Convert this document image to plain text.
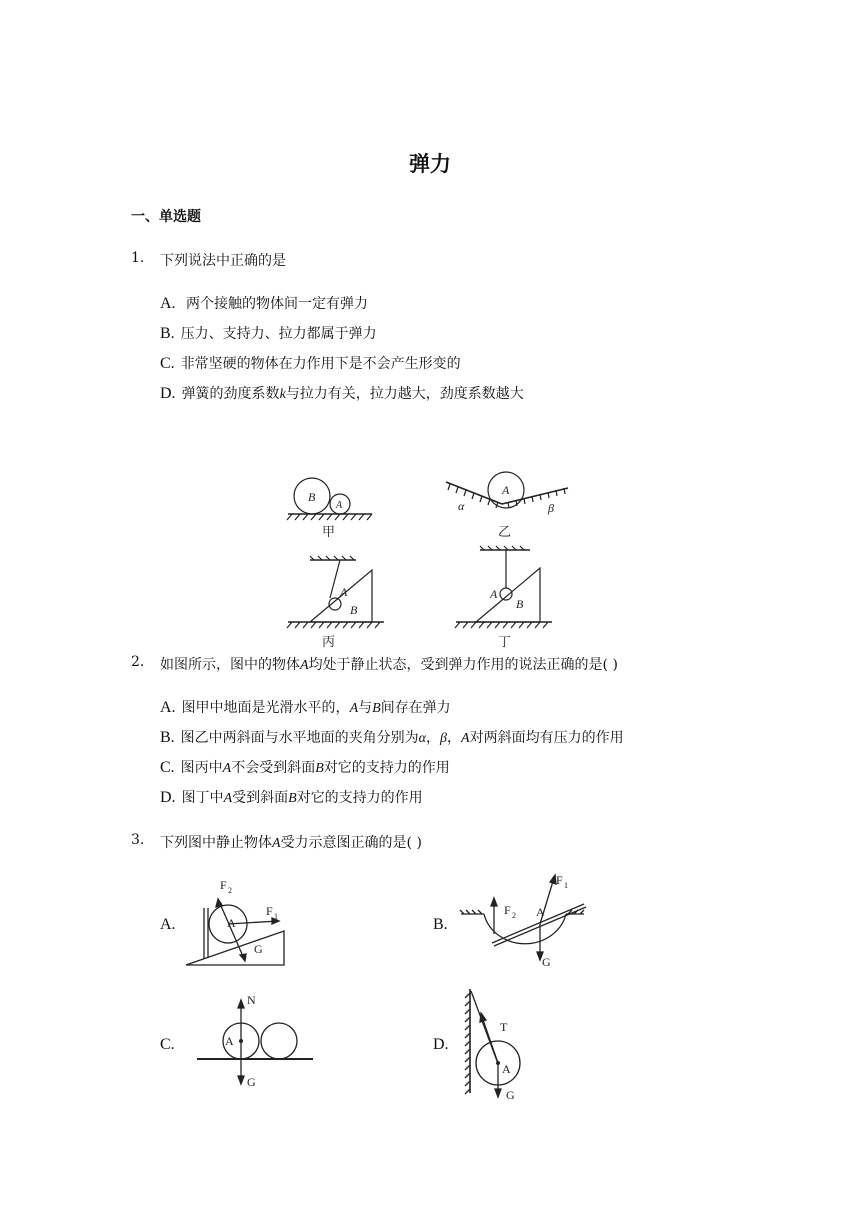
弹力
一、单选题
1. 下列说法中正确的是
A. 两个接触的物体间一定有弹力
B. 压力、支持力、拉力都属于弹力
C. 非常坚硬的物体在力作用下是不会产生形变的
D. 弹簧的劲度系数k与拉力有关，拉力越大，劲度系数越大
B
A
A
α	β
A
B
A
B
甲	乙
丙	丁
2. 如图所示，图中的物体A均处于静止状态，受到弹力作用的说法正确的是( )
A. 图甲中地面是光滑水平的，A与B间存在弹力
B. 图乙中两斜面与水平地面的夹角分别为α，β，A对两斜面均有压力的作用
C. 图丙中A不会受到斜面B对它的支持力的作用
D. 图丁中A受到斜面B对它的支持力的作用
3. 下列图中静止物体A受力示意图正确的是( )
A.
F 2
F 1
A
G
B.
F 2 A
F 1
G
C.
N
A
G
D.
T
A
G
